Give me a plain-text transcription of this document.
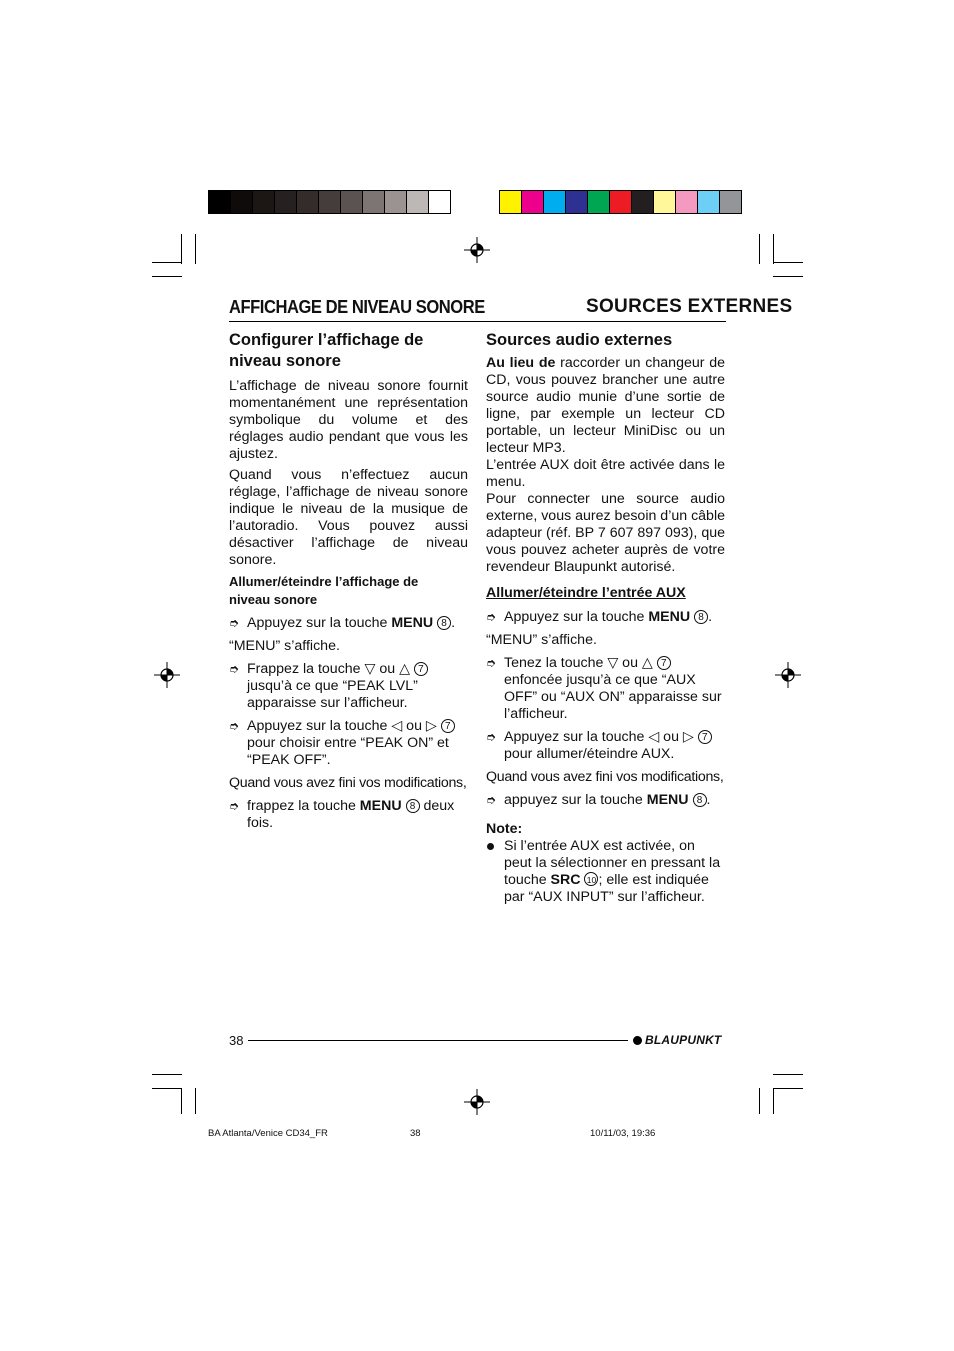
AFFICHAGE DE NIVEAU SONORE	SOURCES EXTERNES
Configurer l’affichage de
niveau sonore

L’affichage de niveau sonore fournit momentanément une représentation symbolique du volume et des réglages audio pendant que vous les ajustez.

Quand vous n’effectuez aucun réglage, l’affichage de niveau sonore indique le niveau de la musique de l’autoradio. Vous pouvez aussi désactiver l’affichage de niveau sonore.

Allumer/éteindre l’affichage de
niveau sonore
➮ Appuyez sur la touche MENU 8 .

“MENU” s’affiche.

➮ Frappez la touche ▽ ou △ 7 jusqu’à ce que “PEAK LVL” apparaisse sur l’afficheur.
➮ Appuyez sur la touche ◁ ou ▷ 7 pour choisir entre “PEAK ON” et “PEAK OFF”.

Quand vous avez fini vos modifications,

➮ frappez la touche MENU 8 deux fois.
Sources audio externes

Au lieu de raccorder un changeur de CD, vous pouvez brancher une autre source audio munie d’une sortie de ligne, par exemple un lecteur CD portable, un lecteur MiniDisc ou un lecteur MP3.

L’entrée AUX doit être activée dans le menu.

Pour connecter une source audio externe, vous aurez besoin d’un câble adapteur (réf. BP 7 607 897 093), que vous pouvez acheter auprès de votre revendeur Blaupunkt autorisé.

Allumer/éteindre l’entrée AUX
➮ Appuyez sur la touche MENU 8 .

“MENU” s’affiche.

➮ Tenez la touche ▽ ou △ 7 enfoncée jusqu’à ce que “AUX OFF” ou “AUX ON” apparaisse sur l’afficheur.
➮ Appuyez sur la touche ◁ ou ▷ 7 pour allumer/éteindre AUX.

Quand vous avez fini vos modifications,

➮ appuyez sur la touche MENU 8 .

Note:

Si l’entrée AUX est activée, on peut la sélectionner en pressant la touche SRC 10 ; elle est indiquée par “AUX INPUT” sur l’afficheur.
38	BLAUPUNKT
BA Atlanta/Venice CD34_FR	38	10/11/03, 19:36
